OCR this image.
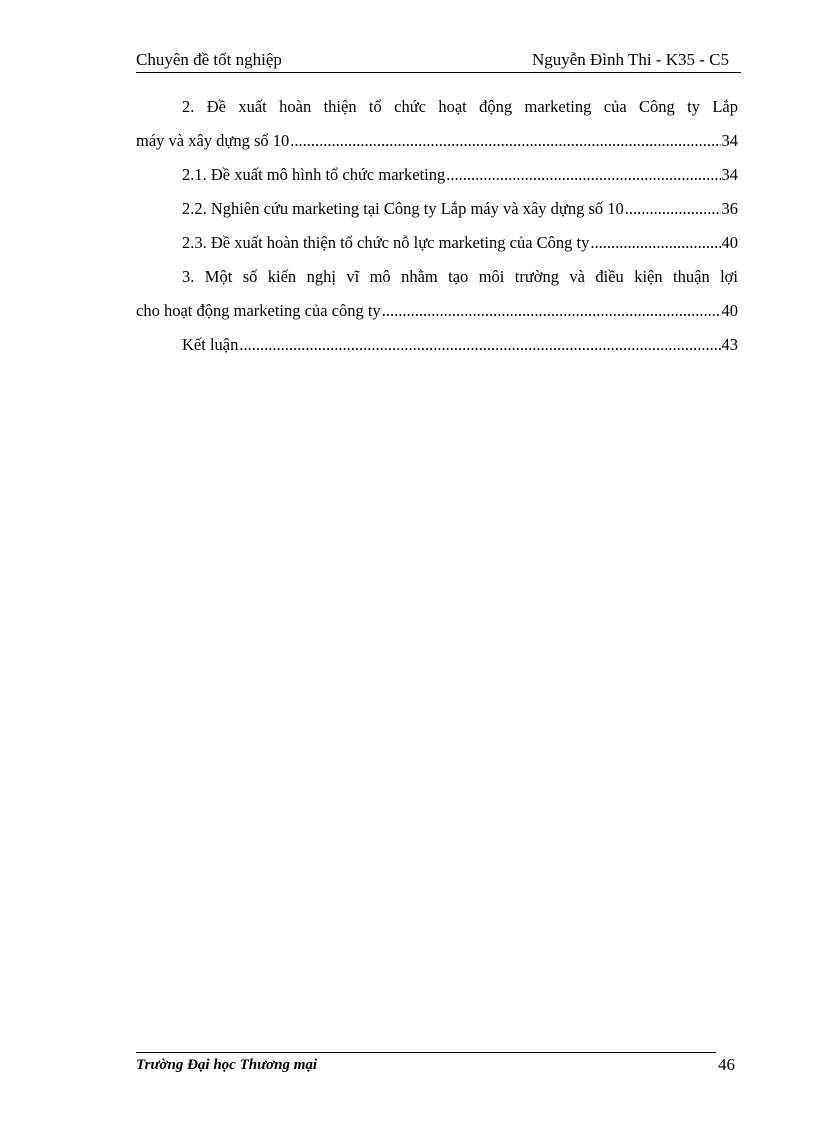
Chuyên đề tốt nghiệp	Nguyễn Đình Thi - K35 - C5
2. Đề xuất hoàn thiện tổ chức hoạt động marketing của Công ty Lắp
máy và xây dựng số 10 .....	34
2.1. Đề xuất mô hình tổ chức marketing .....	34
2.2. Nghiên cứu marketing tại Công ty Lắp máy và xây dựng số 10 .....	36
2.3. Đề xuất hoàn thiện tổ chức nỗ lực marketing của Công ty .....	40
3. Một số kiến nghị vĩ mô nhằm tạo môi trường và điều kiện thuận lợi
cho hoạt động marketing của công ty .....	40
Kết luận .....	43
Trường Đại học Thương mại	46
